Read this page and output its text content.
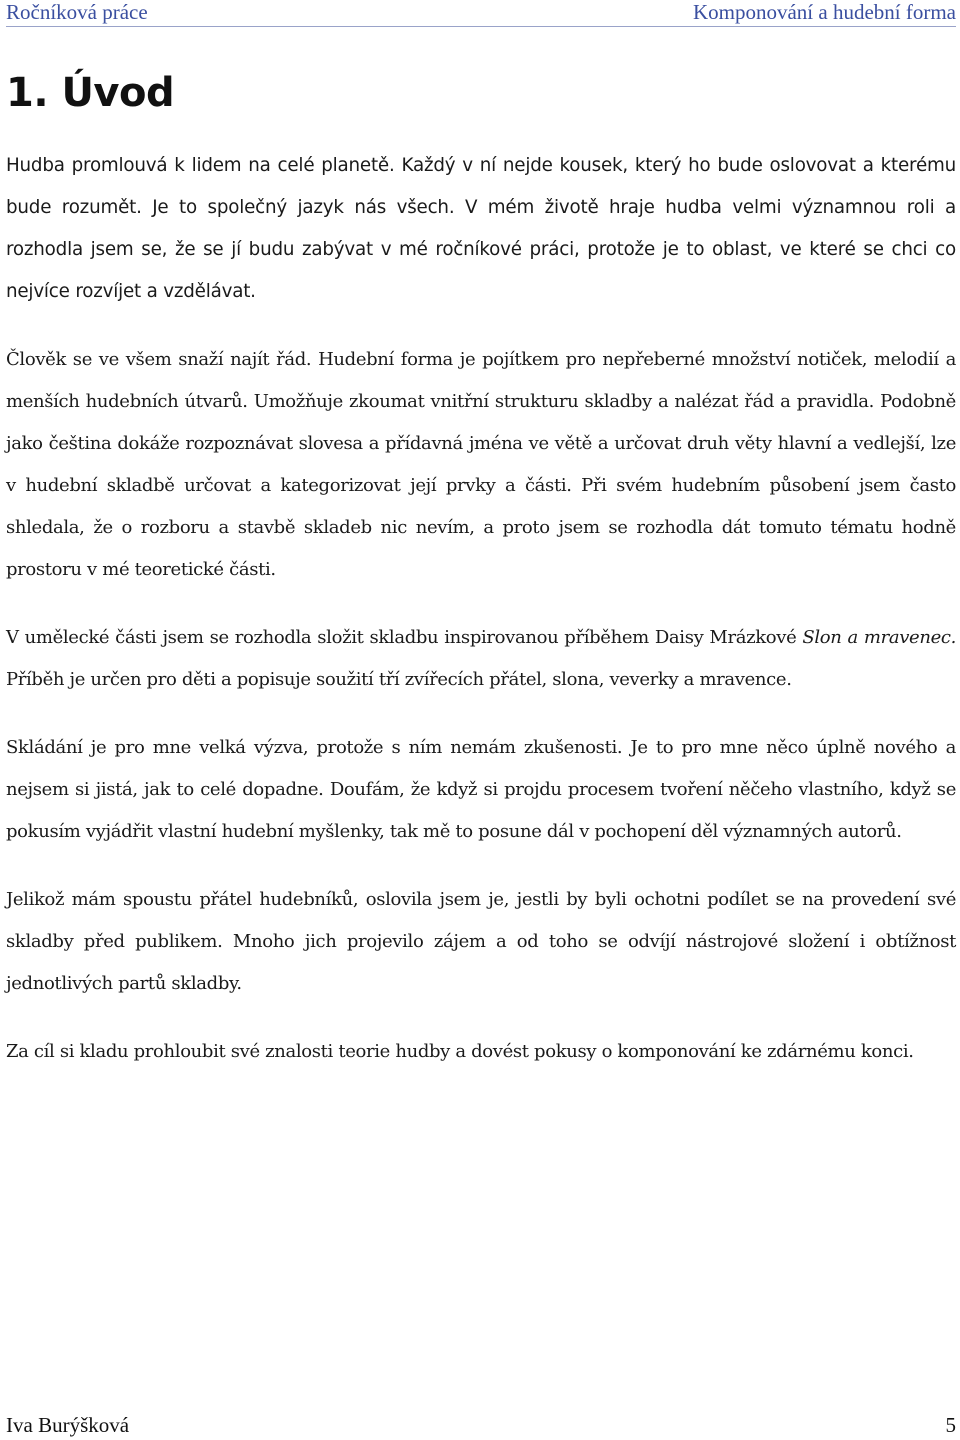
Ročníková práce	Komponování a hudební forma
1. Úvod

Hudba promlouvá k lidem na celé planetě. Každý v ní nejde kousek, který ho bude oslovovat a kterému bude rozumět. Je to společný jazyk nás všech. V mém životě hraje hudba velmi významnou roli a rozhodla jsem se, že se jí budu zabývat v mé ročníkové práci, protože je to oblast, ve které se chci co nejvíce rozvíjet a vzdělávat.

Člověk se ve všem snaží najít řád. Hudební forma je pojítkem pro nepřeberné množství notiček, melodií a menších hudebních útvarů. Umožňuje zkoumat vnitřní strukturu skladby a nalézat řád a pravidla. Podobně jako čeština dokáže rozpoznávat slovesa a přídavná jména ve větě a určovat druh věty hlavní a vedlejší, lze v hudební skladbě určovat a kategorizovat její prvky a části. Při svém hudebním působení jsem často shledala, že o rozboru a stavbě skladeb nic nevím, a proto jsem se rozhodla dát tomuto tématu hodně prostoru v mé teoretické části.

V umělecké části jsem se rozhodla složit skladbu inspirovanou příběhem Daisy Mrázkové Slon a mravenec. Příběh je určen pro děti a popisuje soužití tří zvířecích přátel, slona, veverky a mravence.

Skládání je pro mne velká výzva, protože s ním nemám zkušenosti. Je to pro mne něco úplně nového a nejsem si jistá, jak to celé dopadne. Doufám, že když si projdu procesem tvoření něčeho vlastního, když se pokusím vyjádřit vlastní hudební myšlenky, tak mě to posune dál v pochopení děl významných autorů.

Jelikož mám spoustu přátel hudebníků, oslovila jsem je, jestli by byli ochotni podílet se na provedení své skladby před publikem. Mnoho jich projevilo zájem a od toho se odvíjí nástrojové složení i obtížnost jednotlivých partů skladby.

Za cíl si kladu prohloubit své znalosti teorie hudby a dovést pokusy o komponování ke zdárnému konci.

Iva Burýšková	5
